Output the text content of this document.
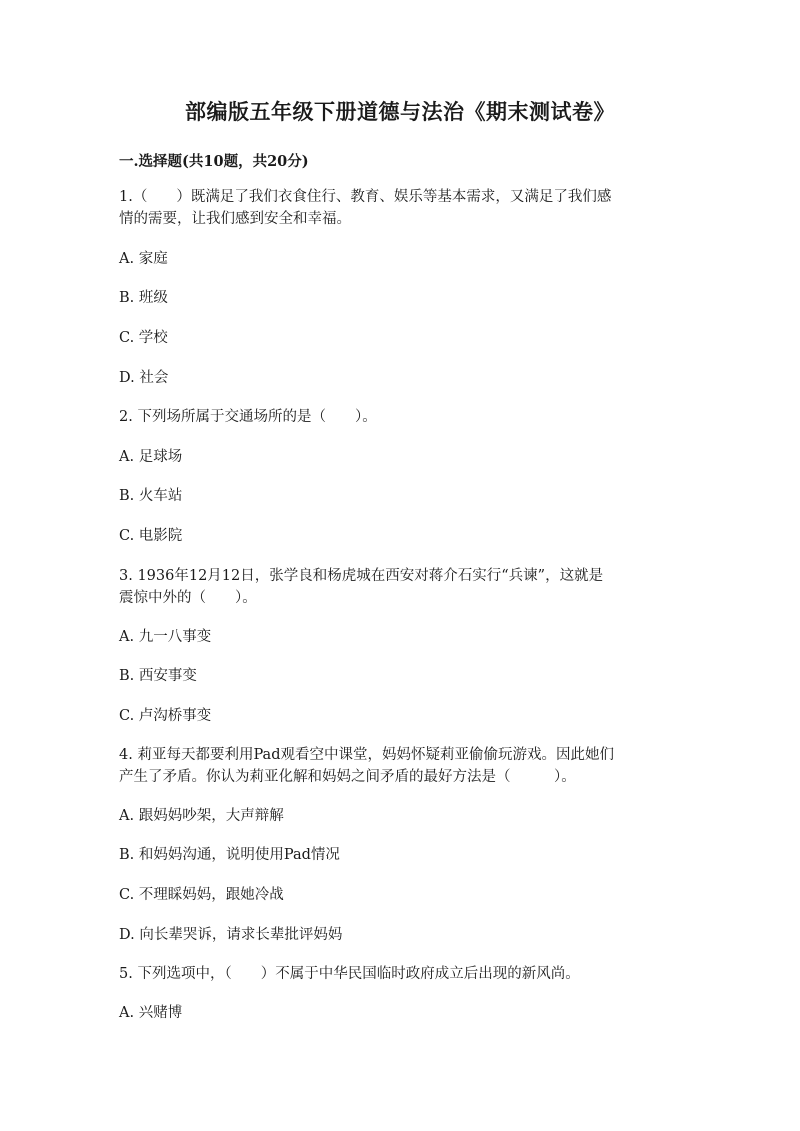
部编版五年级下册道德与法治《期末测试卷》
一.选择题(共10题，共20分)

1.（　　）既满足了我们衣食住行、教育、娱乐等基本需求，又满足了我们感

情的需要，让我们感到安全和幸福。

A. 家庭

B. 班级

C. 学校

D. 社会

2. 下列场所属于交通场所的是（　　）。

A. 足球场

B. 火车站

C. 电影院

3. 1936年12月12日，张学良和杨虎城在西安对蒋介石实行“兵谏”，这就是

震惊中外的（　　）。

A. 九一八事变

B. 西安事变

C. 卢沟桥事变

4. 莉亚每天都要利用Pad观看空中课堂，妈妈怀疑莉亚偷偷玩游戏。因此她们

产生了矛盾。你认为莉亚化解和妈妈之间矛盾的最好方法是（　　　）。

A. 跟妈妈吵架，大声辩解

B. 和妈妈沟通，说明使用Pad情况

C. 不理睬妈妈，跟她冷战

D. 向长辈哭诉，请求长辈批评妈妈

5. 下列选项中，（　　）不属于中华民国临时政府成立后出现的新风尚。

A. 兴赌博
